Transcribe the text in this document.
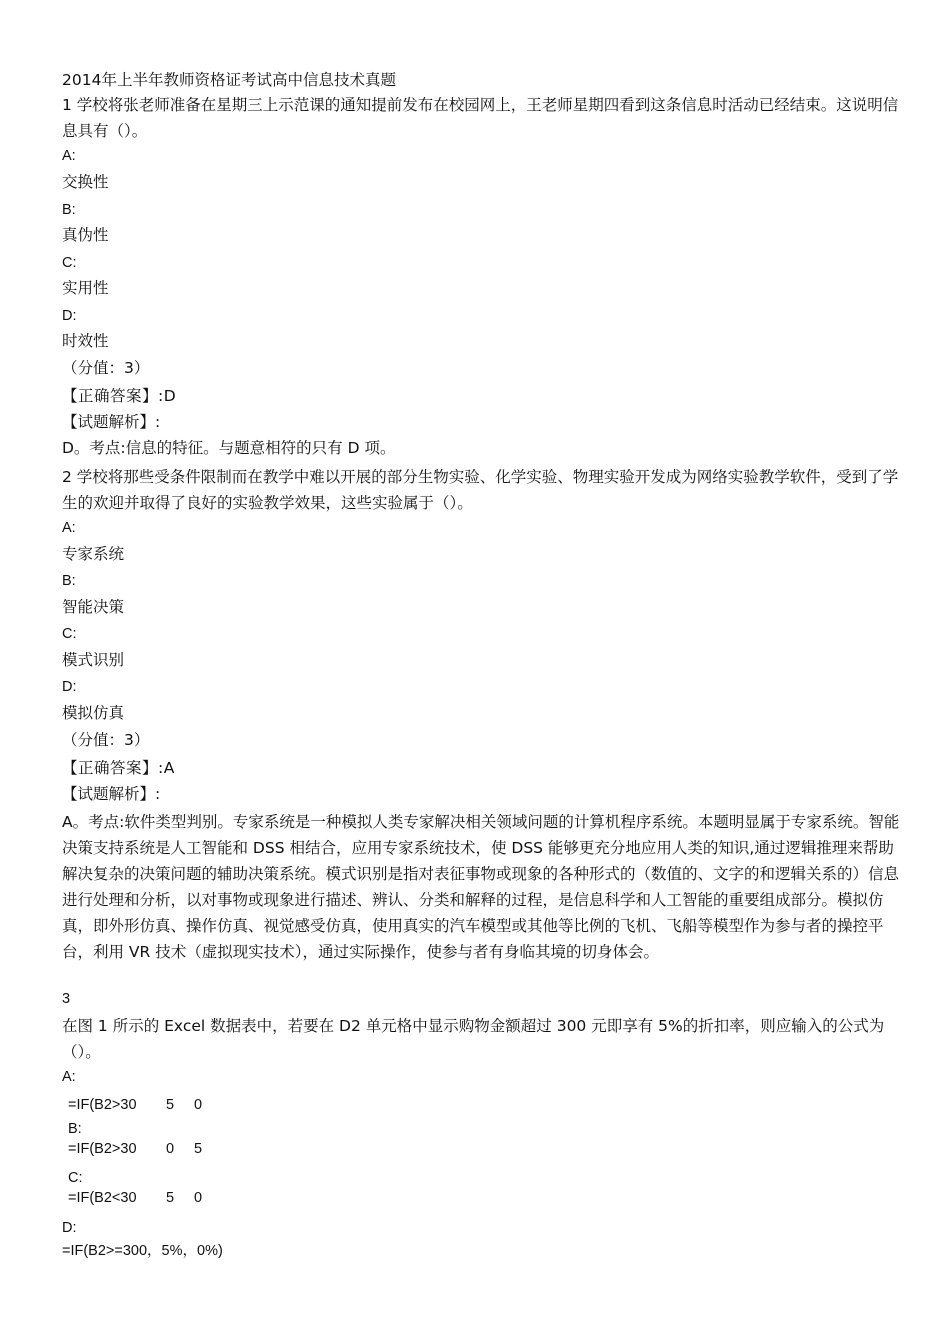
2014年上半年教师资格证考试高中信息技术真题
1 学校将张老师准备在星期三上示范课的通知提前发布在校园网上，王老师星期四看到这条信息时活动已经结束。这说明信息具有（）。
A:
交换性
B:
真伪性
C:
实用性
D:
时效性
（分值：3）
【正确答案】:D
【试题解析】:
D。考点:信息的特征。与题意相符的只有 D 项。
2 学校将那些受条件限制而在教学中难以开展的部分生物实验、化学实验、物理实验开发成为网络实验教学软件，受到了学生的欢迎并取得了良好的实验教学效果，这些实验属于（）。
A:
专家系统
B:
智能决策
C:
模式识别
D:
模拟仿真
（分值：3）
【正确答案】:A
【试题解析】:
A。考点:软件类型判别。专家系统是一种模拟人类专家解决相关领域问题的计算机程序系统。本题明显属于专家系统。智能决策支持系统是人工智能和 DSS 相结合，应用专家系统技术，使 DSS 能够更充分地应用人类的知识,通过逻辑推理来帮助解决复杂的决策问题的辅助决策系统。模式识别是指对表征事物或现象的各种形式的（数值的、文字的和逻辑关系的）信息进行处理和分析，以对事物或现象进行描述、辨认、分类和解释的过程，是信息科学和人工智能的重要组成部分。模拟仿真，即外形仿真、操作仿真、视觉感受仿真，使用真实的汽车模型或其他等比例的飞机、飞船等模型作为参与者的操控平台，利用 VR 技术（虚拟现实技术），通过实际操作，使参与者有身临其境的切身体会。
3
在图 1 所示的 Excel 数据表中，若要在 D2 单元格中显示购物金额超过 300 元即享有 5%的折扣率，则应输入的公式为（）。
A:
=IF(B2>30 5 0
B:
=IF(B2>30 0 5
C:
=IF(B2<30 5 0
D:
=IF(B2>=300，5%，0%)
